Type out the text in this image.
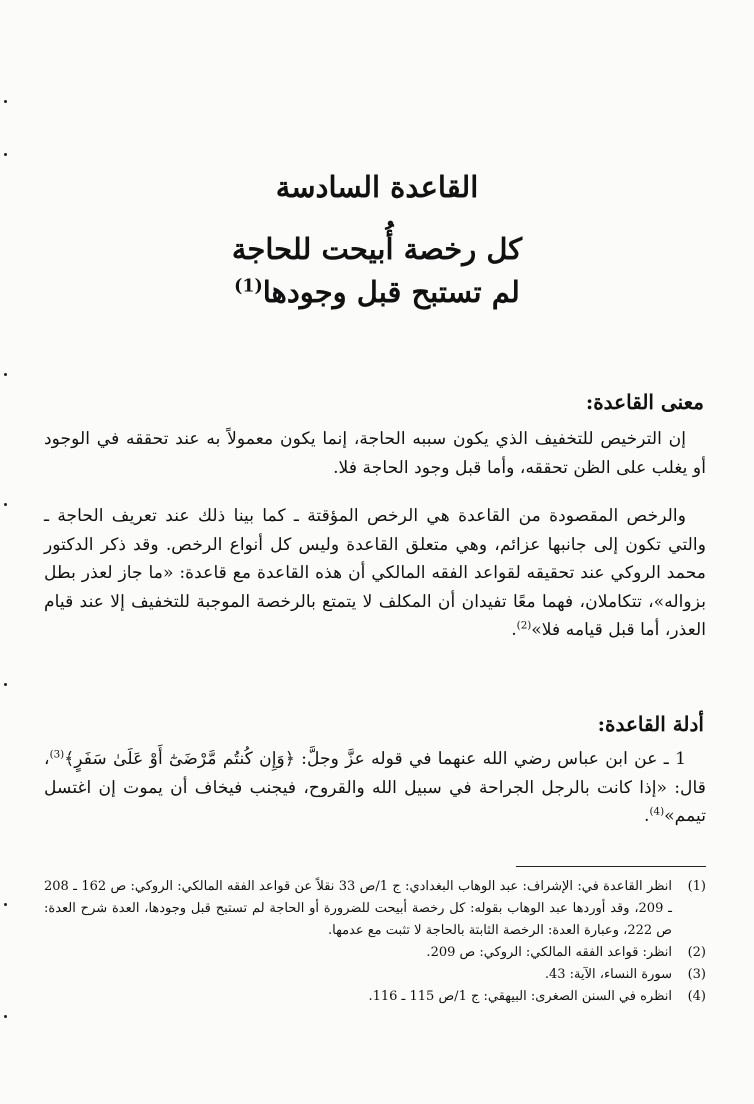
القاعدة السادسة
كل رخصة أُبيحت للحاجة
لم تستبح قبل وجودها$^{(1)}$
معنى القاعدة:

إن الترخيص للتخفيف الذي يكون سببه الحاجة، إنما يكون معمولاً به عند تحققه في الوجود أو يغلب على الظن تحققه، وأما قبل وجود الحاجة فلا.

والرخص المقصودة من القاعدة هي الرخص المؤقتة ـ كما بينا ذلك عند تعريف الحاجة ـ والتي تكون إلى جانبها عزائم، وهي متعلق القاعدة وليس كل أنواع الرخص. وقد ذكر الدكتور محمد الروكي عند تحقيقه لقواعد الفقه المالكي أن هذه القاعدة مع قاعدة: «ما جاز لعذر بطل بزواله»، تتكاملان، فهما معًا تفيدان أن المكلف لا يتمتع بالرخصة الموجبة للتخفيف إلا عند قيام العذر، أما قبل قيامه فلا»$^{(2)}$.

أدلة القاعدة:

1 ـ عن ابن عباس رضي الله عنهما في قوله عزَّ وجلَّ: ﴿وَإِن كُنتُم مَّرْضَىٰٓ أَوْ عَلَىٰ سَفَرٍ﴾$^{(3)}$، قال: «إذا كانت بالرجل الجراحة في سبيل الله والقروح، فيجنب فيخاف أن يموت إن اغتسل تيمم»$^{(4)}$.

(1)
انظر القاعدة في: الإشراف: عبد الوهاب البغدادي: ج 1/ص 33 نقلاً عن قواعد الفقه المالكي: الروكي: ص 162 ـ 208 ـ 209، وقد أوردها عبد الوهاب بقوله: كل رخصة أبيحت للضرورة أو الحاجة لم تستبح قبل وجودها، العدة شرح العدة: ص 222، وعبارة العدة: الرخصة الثابتة بالحاجة لا تثبت مع عدمها.
(2)
انظر: قواعد الفقه المالكي: الروكي: ص 209.
(3)
سورة النساء، الآية: 43.
(4)
انظره في السنن الصغرى: البيهقي: ج 1/ص 115 ـ 116.
